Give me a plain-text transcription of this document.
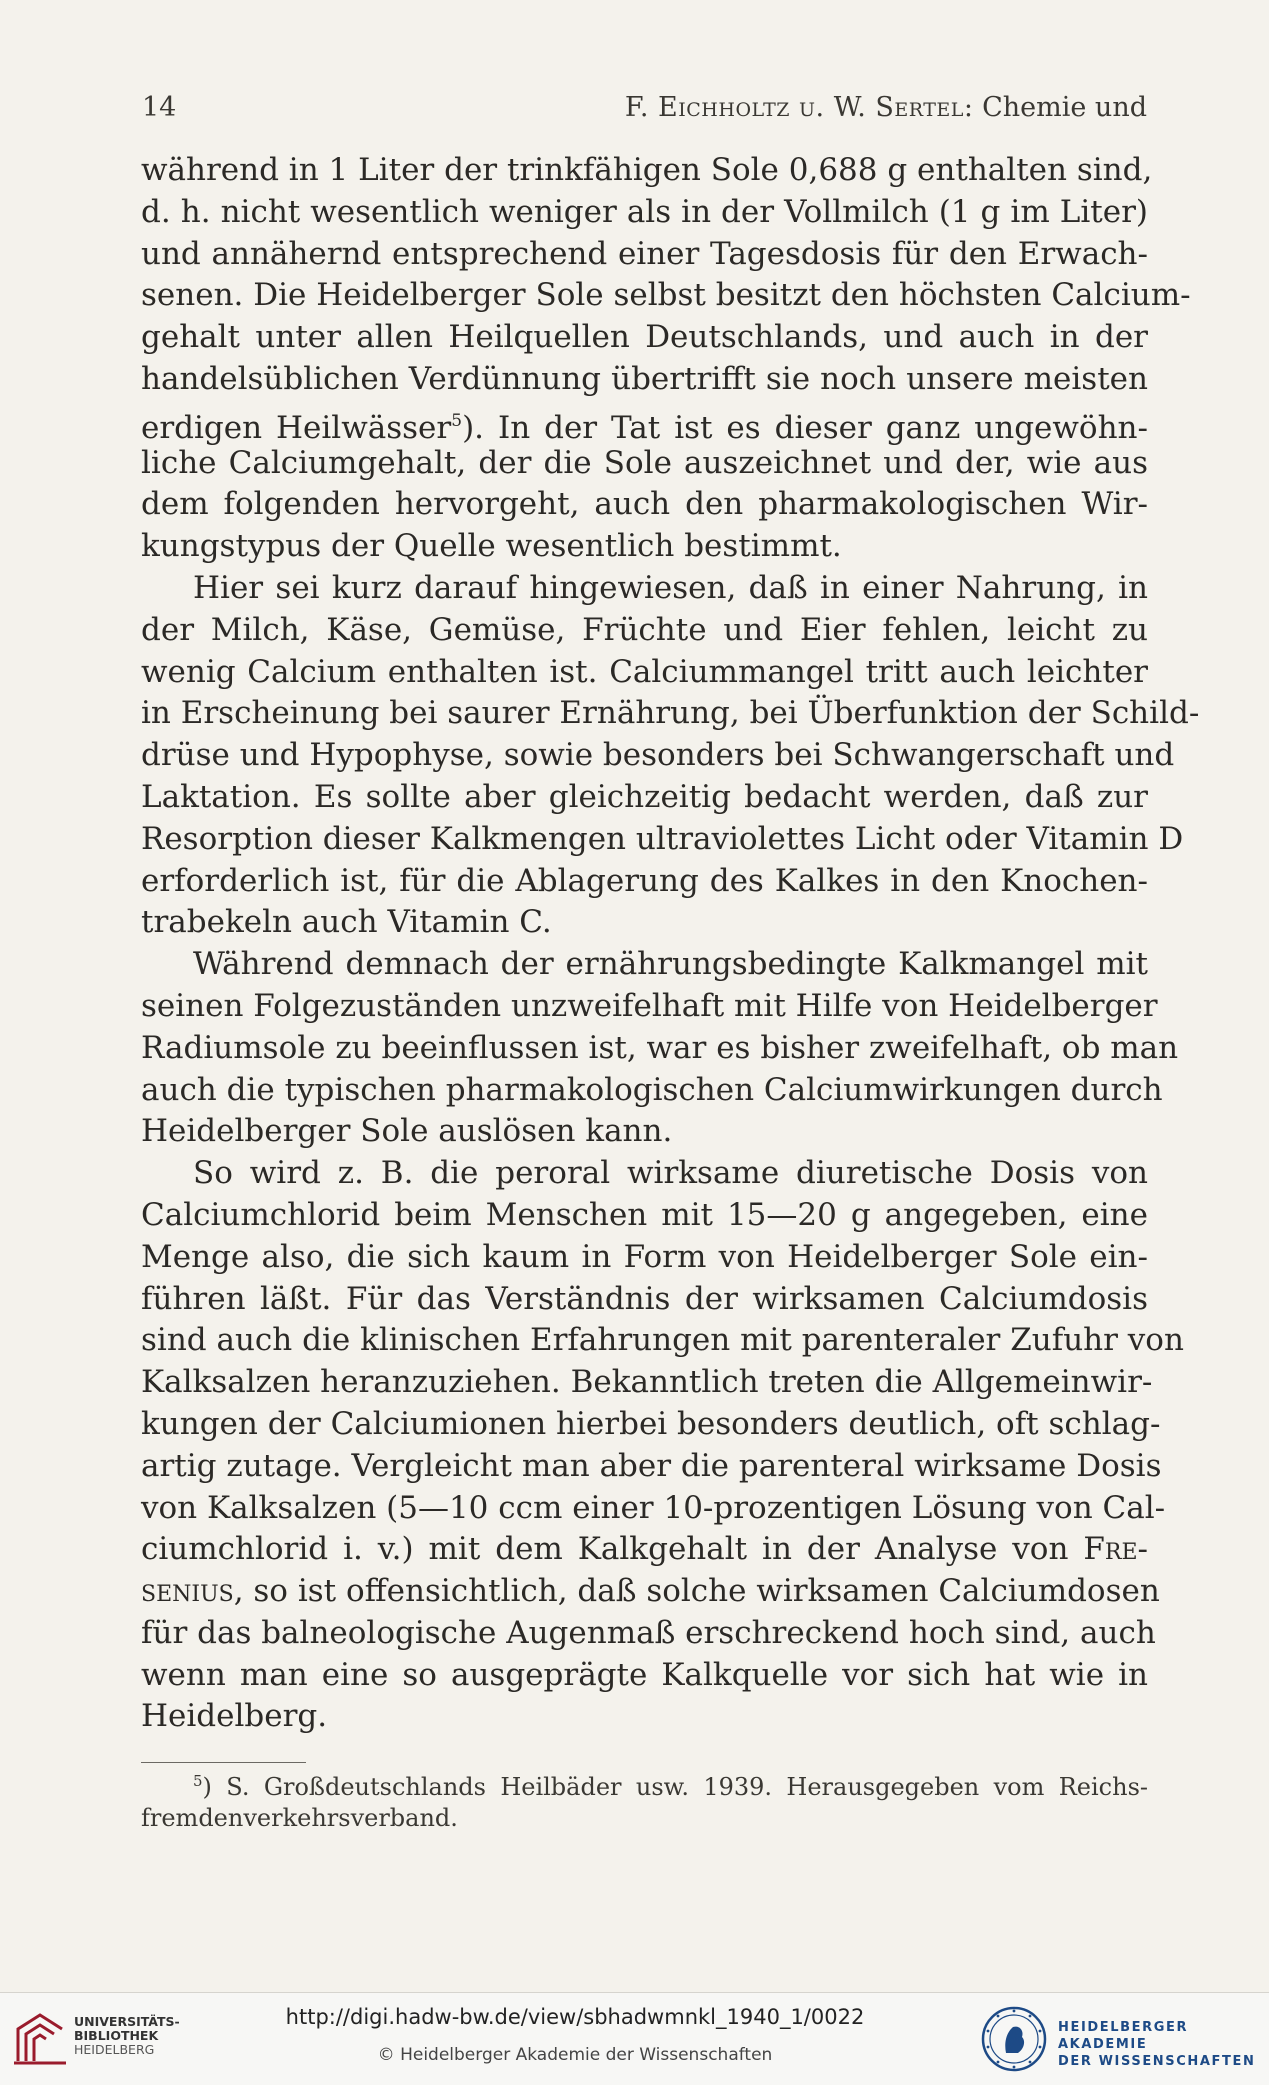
14	F. Eichholtz u. W. Sertel: Chemie und
während in 1 Liter der trinkfähigen Sole 0,688 g enthalten sind,
d. h. nicht wesentlich weniger als in der Vollmilch (1 g im Liter)
und annähernd entsprechend einer Tagesdosis für den Erwach-
senen. Die Heidelberger Sole selbst besitzt den höchsten Calcium-
gehalt unter allen Heilquellen Deutschlands, und auch in der
handelsüblichen Verdünnung übertrifft sie noch unsere meisten
erdigen Heilwässer$^5$). In der Tat ist es dieser ganz ungewöhn-
liche Calciumgehalt, der die Sole auszeichnet und der, wie aus
dem folgenden hervorgeht, auch den pharmakologischen Wir-
kungstypus der Quelle wesentlich bestimmt.
Hier sei kurz darauf hingewiesen, daß in einer Nahrung, in
der Milch, Käse, Gemüse, Früchte und Eier fehlen, leicht zu
wenig Calcium enthalten ist. Calciummangel tritt auch leichter
in Erscheinung bei saurer Ernährung, bei Überfunktion der Schild-
drüse und Hypophyse, sowie besonders bei Schwangerschaft und
Laktation. Es sollte aber gleichzeitig bedacht werden, daß zur
Resorption dieser Kalkmengen ultraviolettes Licht oder Vitamin D
erforderlich ist, für die Ablagerung des Kalkes in den Knochen-
trabekeln auch Vitamin C.
Während demnach der ernährungsbedingte Kalkmangel mit
seinen Folgezuständen unzweifelhaft mit Hilfe von Heidelberger
Radiumsole zu beeinflussen ist, war es bisher zweifelhaft, ob man
auch die typischen pharmakologischen Calciumwirkungen durch
Heidelberger Sole auslösen kann.
So wird z. B. die peroral wirksame diuretische Dosis von
Calciumchlorid beim Menschen mit 15—20 g angegeben, eine
Menge also, die sich kaum in Form von Heidelberger Sole ein-
führen läßt. Für das Verständnis der wirksamen Calciumdosis
sind auch die klinischen Erfahrungen mit parenteraler Zufuhr von
Kalksalzen heranzuziehen. Bekanntlich treten die Allgemeinwir-
kungen der Calciumionen hierbei besonders deutlich, oft schlag-
artig zutage. Vergleicht man aber die parenteral wirksame Dosis
von Kalksalzen (5—10 ccm einer 10-prozentigen Lösung von Cal-
ciumchlorid i. v.) mit dem Kalkgehalt in der Analyse von Fre-
senius, so ist offensichtlich, daß solche wirksamen Calciumdosen
für das balneologische Augenmaß erschreckend hoch sind, auch
wenn man eine so ausgeprägte Kalkquelle vor sich hat wie in
Heidelberg.
$^5$) S. Großdeutschlands Heilbäder usw. 1939. Herausgegeben vom Reichs-
fremdenverkehrsverband.
UNIVERSITÄTS-
BIBLIOTHEK
HEIDELBERG
http://digi.hadw-bw.de/view/sbhadwmnkl_1940_1/0022
© Heidelberger Akademie der Wissenschaften
HEIDELBERGER AKADEMIE
DER WISSENSCHAFTEN
